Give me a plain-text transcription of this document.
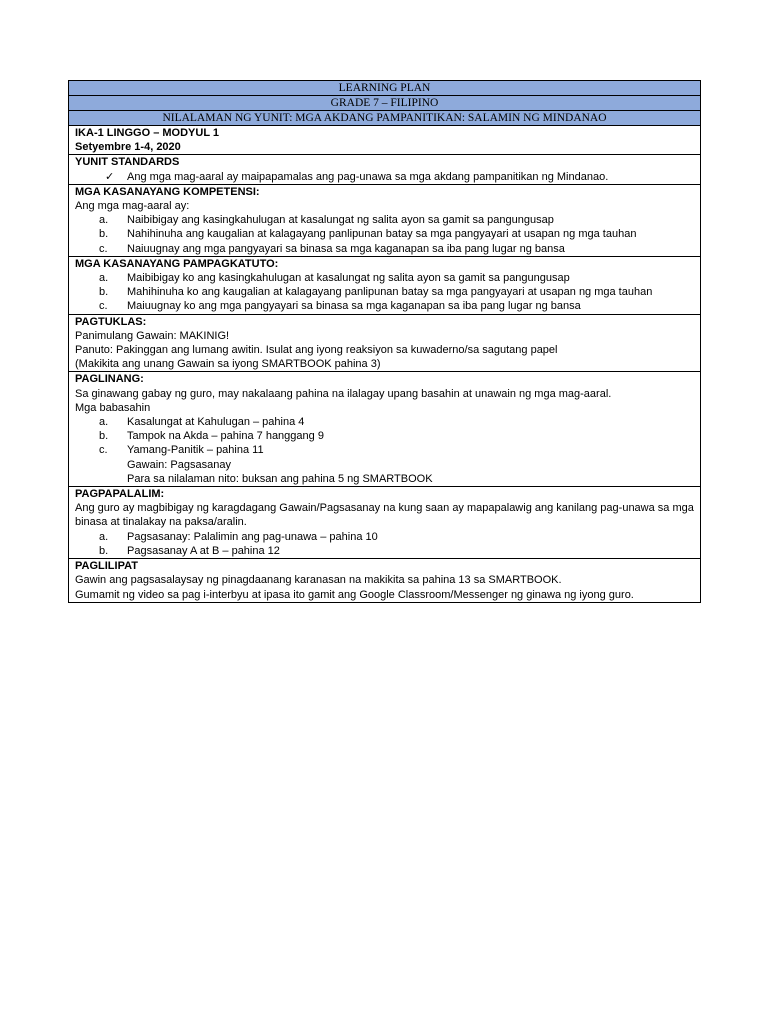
LEARNING PLAN
GRADE 7 – FILIPINO
NILALAMAN NG YUNIT: MGA AKDANG PAMPANITIKAN: SALAMIN NG MINDANAO

IKA-1 LINGGO – MODYUL 1
Setyembre 1-4, 2020

YUNIT STANDARDS
✓ Ang mga mag-aaral ay maipapamalas ang pag-unawa sa mga akdang pampanitikan ng Mindanao.

MGA KASANAYANG KOMPETENSI:
Ang mga mag-aaral ay:
a. Naibibigay ang kasingkahulugan at kasalungat ng salita ayon sa gamit sa pangungusap
b. Nahihinuha ang kaugalian at kalagayang panlipunan batay sa mga pangyayari at usapan ng mga tauhan
c. Naiuugnay ang mga pangyayari sa binasa sa mga kaganapan sa iba pang lugar ng bansa

MGA KASANAYANG PAMPAGKATUTO:
a. Maibibigay ko ang kasingkahulugan at kasalungat ng salita ayon sa gamit sa pangungusap
b. Mahihinuha ko ang kaugalian at kalagayang panlipunan batay sa mga pangyayari at usapan ng mga tauhan
c. Maiuugnay ko ang mga pangyayari sa binasa sa mga kaganapan sa iba pang lugar ng bansa

PAGTUKLAS:
Panimulang Gawain: MAKINIG!
Panuto: Pakinggan ang lumang awitin. Isulat ang iyong reaksiyon sa kuwaderno/sa sagutang papel
(Makikita ang unang Gawain sa iyong SMARTBOOK pahina 3)

PAGLINANG:
Sa ginawang gabay ng guro, may nakalaang pahina na ilalagay upang basahin at unawain ng mga mag-aaral.
Mga babasahin
a. Kasalungat at Kahulugan – pahina 4
b. Tampok na Akda – pahina 7 hanggang 9
c. Yamang-Panitik – pahina 11
Gawain: Pagsasanay
Para sa nilalaman nito: buksan ang pahina 5 ng SMARTBOOK

PAGPAPALALIM:
Ang guro ay magbibigay ng karagdagang Gawain/Pagsasanay na kung saan ay mapapalawig ang kanilang pag-unawa sa mga binasa at tinalakay na paksa/aralin.
a. Pagsasanay: Palalimin ang pag-unawa – pahina 10
b. Pagsasanay A at B – pahina 12

PAGLILIPAT
Gawin ang pagsasalaysay ng pinagdaanang karanasan na makikita sa pahina 13 sa SMARTBOOK.
Gumamit ng video sa pag i-interbyu at ipasa ito gamit ang Google Classroom/Messenger ng ginawa ng iyong guro.
